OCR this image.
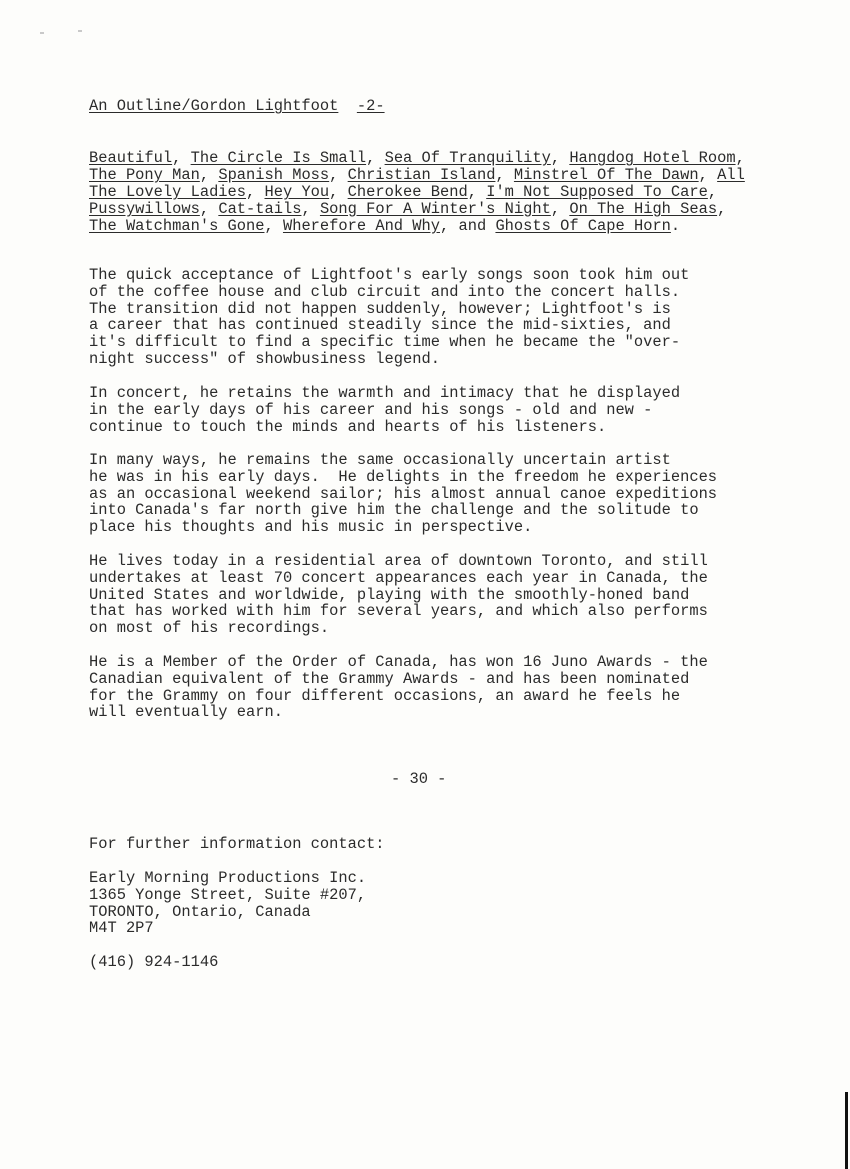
An Outline/Gordon Lightfoot -2-
Beautiful, The Circle Is Small, Sea Of Tranquility, Hangdog Hotel Room, The Pony Man, Spanish Moss, Christian Island, Minstrel Of The Dawn, All The Lovely Ladies, Hey You, Cherokee Bend, I'm Not Supposed To Care, Pussywillows, Cat-tails, Song For A Winter's Night, On The High Seas, The Watchman's Gone, Wherefore And Why, and Ghosts Of Cape Horn.
The quick acceptance of Lightfoot's early songs soon took him out
of the coffee house and club circuit and into the concert halls.
The transition did not happen suddenly, however; Lightfoot's is
a career that has continued steadily since the mid-sixties, and
it's difficult to find a specific time when he became the "over-
night success" of showbusiness legend.
In concert, he retains the warmth and intimacy that he displayed
in the early days of his career and his songs - old and new -
continue to touch the minds and hearts of his listeners.
In many ways, he remains the same occasionally uncertain artist
he was in his early days.  He delights in the freedom he experiences
as an occasional weekend sailor; his almost annual canoe expeditions
into Canada's far north give him the challenge and the solitude to
place his thoughts and his music in perspective.
He lives today in a residential area of downtown Toronto, and still
undertakes at least 70 concert appearances each year in Canada, the
United States and worldwide, playing with the smoothly-honed band
that has worked with him for several years, and which also performs
on most of his recordings.
He is a Member of the Order of Canada, has won 16 Juno Awards - the
Canadian equivalent of the Grammy Awards - and has been nominated
for the Grammy on four different occasions, an award he feels he
will eventually earn.
- 30 -
For further information contact:
Early Morning Productions Inc.
1365 Yonge Street, Suite #207,
TORONTO, Ontario, Canada
M4T 2P7
(416) 924-1146
